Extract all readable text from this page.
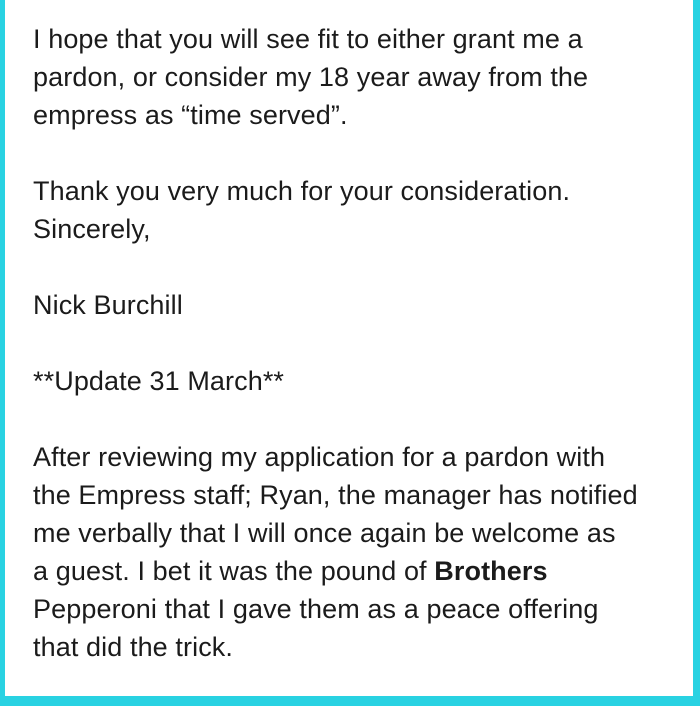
I hope that you will see fit to either grant me a
pardon, or consider my 18 year away from the
empress as “time served”.
Thank you very much for your consideration.
Sincerely,
Nick Burchill
**Update 31 March**
After reviewing my application for a pardon with
the Empress staff; Ryan, the manager has notified
me verbally that I will once again be welcome as
a guest. I bet it was the pound of Brothers
Pepperoni that I gave them as a peace offering
that did the trick.
